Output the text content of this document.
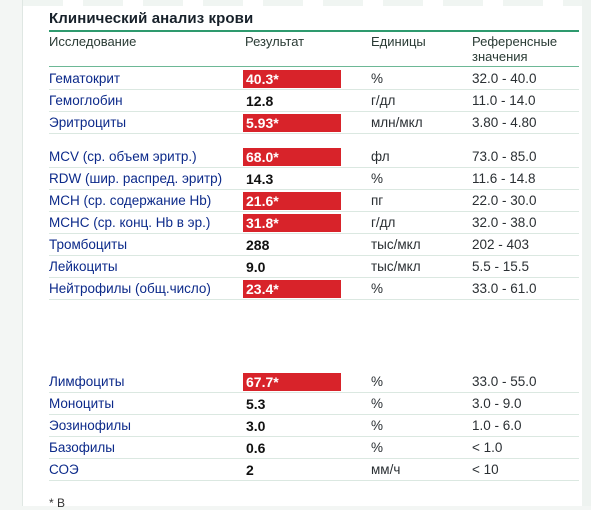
Клинический анализ крови
Исследование	Результат	Единицы	Референсные значения
Гематокрит	40.3*	%	32.0 - 40.0
Гемоглобин	12.8	г/дл	11.0 - 14.0
Эритроциты	5.93*	млн/мкл	3.80 - 4.80
MCV (ср. объем эритр.)	68.0*	фл	73.0 - 85.0
RDW (шир. распред. эритр) 14.3	%	11.6 - 14.8
MCH (ср. содержание Hb) 21.6*	пг	22.0 - 30.0
MCHC (ср. конц. Hb в эр.)	31.8*	г/дл	32.0 - 38.0
Тромбоциты	288	тыс/мкл	202 - 403
Лейкоциты	9.0	тыс/мкл	5.5 - 15.5
Нейтрофилы (общ.число)	23.4*	%	33.0 - 61.0
Лимфоциты	67.7*	%	33.0 - 55.0
Моноциты	5.3	%	3.0 - 9.0
Эозинофилы	3.0	%	1.0 - 6.0
Базофилы	0.6	%	< 1.0
СОЭ	2	мм/ч	< 10
* В
